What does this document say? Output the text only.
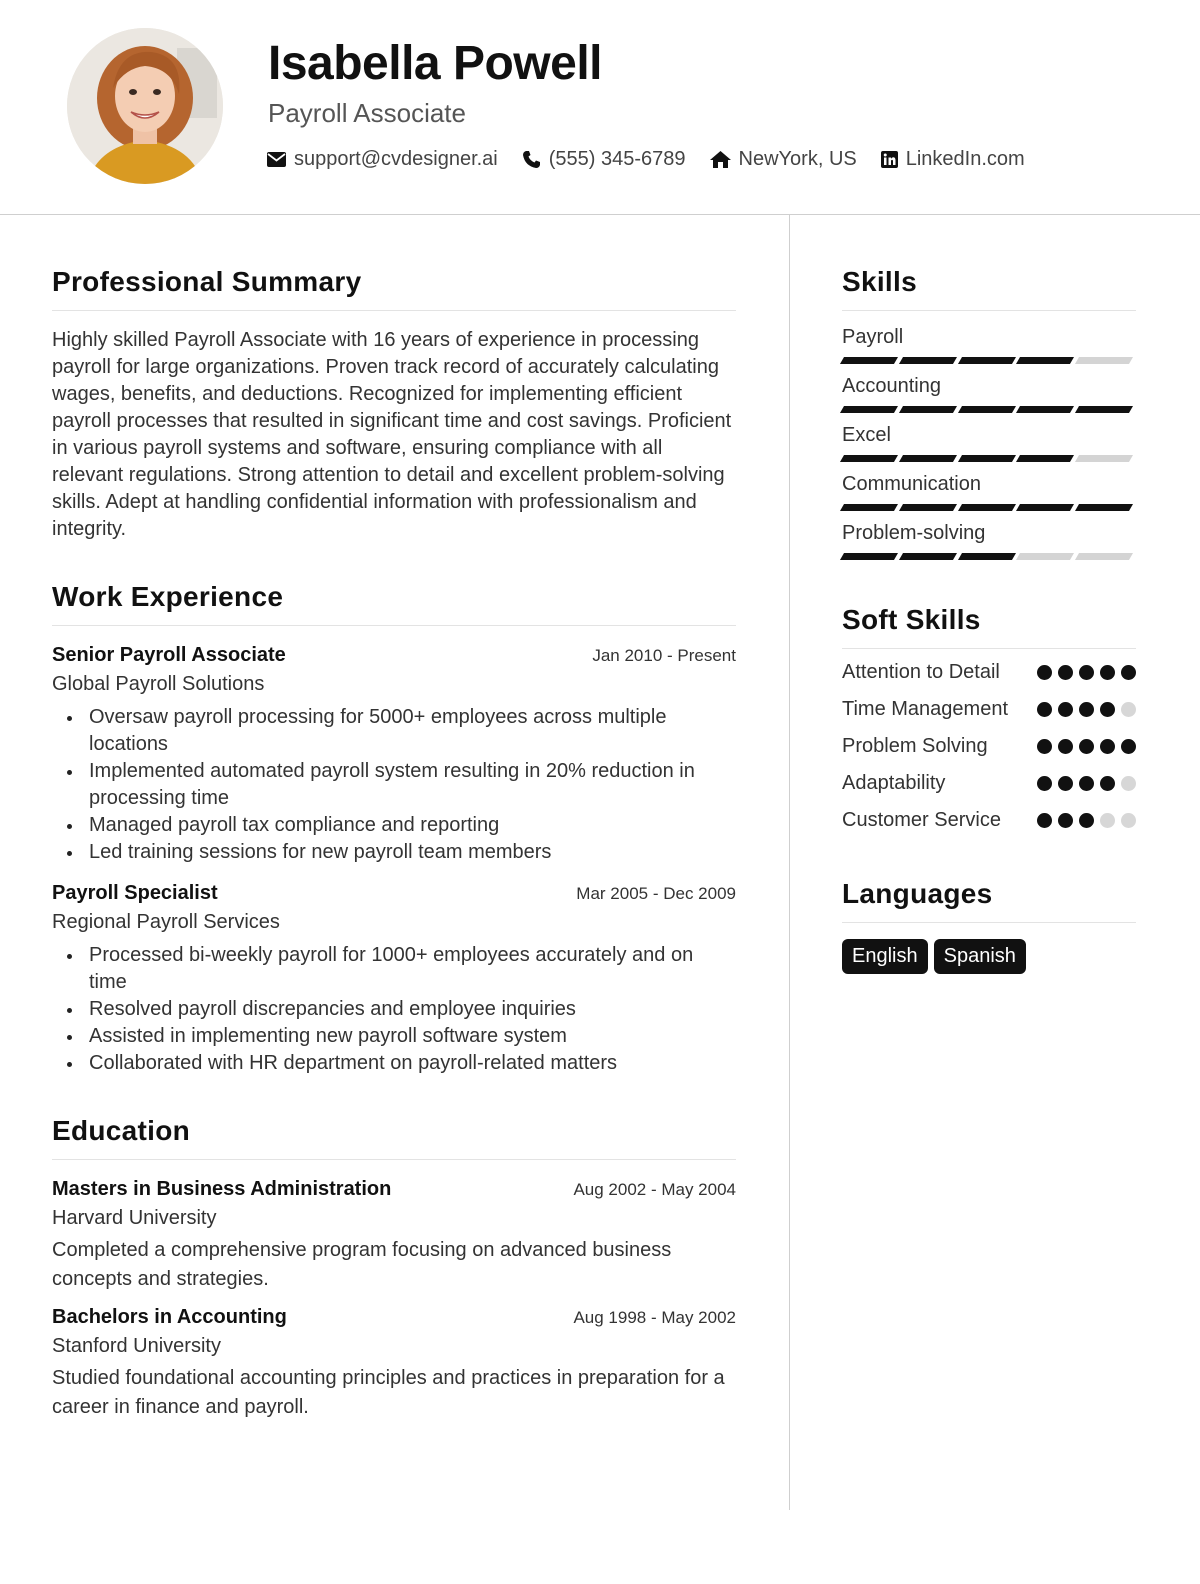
Isabella Powell
Payroll Associate
support@cvdesigner.ai	(555) 345-6789	NewYork, US LinkedIn.com
Professional Summary

Highly skilled Payroll Associate with 16 years of experience in processing payroll for large organizations. Proven track record of accurately calculating wages, benefits, and deductions. Recognized for implementing efficient payroll processes that resulted in significant time and cost savings. Proficient in various payroll systems and software, ensuring compliance with all relevant regulations. Strong attention to detail and excellent problem-solving skills. Adept at handling confidential information with professionalism and integrity.

Work Experience
Senior Payroll Associate	Jan 2010 - Present
Global Payroll Solutions
Oversaw payroll processing for 5000+ employees across multiple locations
Implemented automated payroll system resulting in 20% reduction in processing time
Managed payroll tax compliance and reporting
Led training sessions for new payroll team members
Payroll Specialist	Mar 2005 - Dec 2009
Regional Payroll Services
Processed bi-weekly payroll for 1000+ employees accurately and on time
Resolved payroll discrepancies and employee inquiries
Assisted in implementing new payroll software system
Collaborated with HR department on payroll-related matters
Education
Masters in Business Administration	Aug 2002 - May 2004
Harvard University

Completed a comprehensive program focusing on advanced business concepts and strategies.

Bachelors in Accounting	Aug 1998 - May 2002
Stanford University

Studied foundational accounting principles and practices in preparation for a career in finance and payroll.

Skills
Payroll
Accounting
Excel
Communication
Problem-solving
Soft Skills
Attention to Detail
Time Management
Problem Solving
Adaptability
Customer Service
Languages
English	Spanish
